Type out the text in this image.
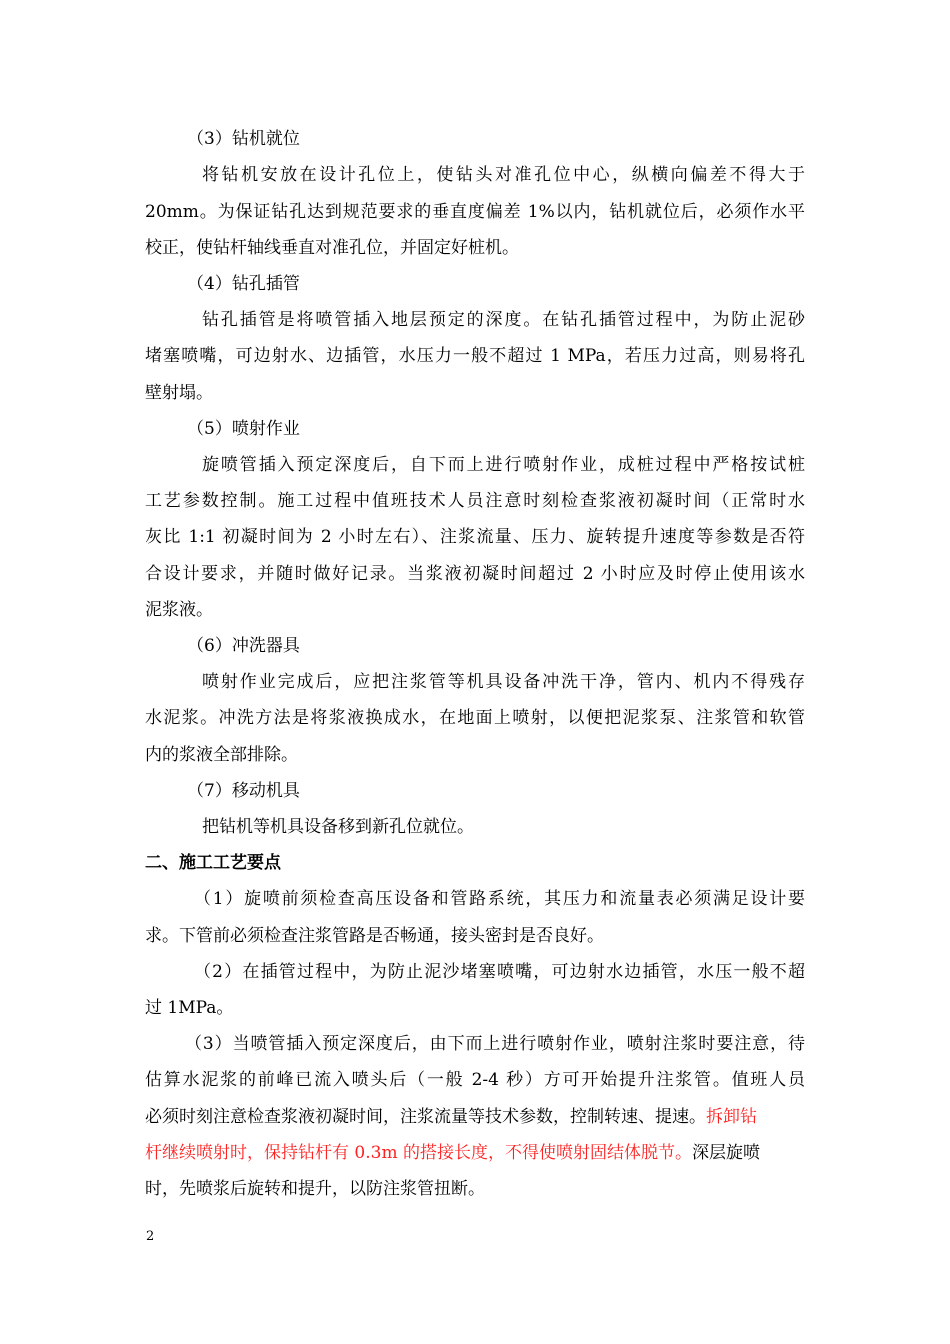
（3）钻机就位
将钻机安放在设计孔位上，使钻头对准孔位中心，纵横向偏差不得大于
20mm。为保证钻孔达到规范要求的垂直度偏差 1%以内，钻机就位后，必须作水平
校正，使钻杆轴线垂直对准孔位，并固定好桩机。
（4）钻孔插管
钻孔插管是将喷管插入地层预定的深度。在钻孔插管过程中，为防止泥砂
堵塞喷嘴，可边射水、边插管，水压力一般不超过 1 MPa，若压力过高，则易将孔
壁射塌。
（5）喷射作业
旋喷管插入预定深度后，自下而上进行喷射作业，成桩过程中严格按试桩
工艺参数控制。施工过程中值班技术人员注意时刻检查浆液初凝时间（正常时水
灰比 1:1 初凝时间为 2 小时左右）、注浆流量、压力、旋转提升速度等参数是否符
合设计要求，并随时做好记录。当浆液初凝时间超过 2 小时应及时停止使用该水
泥浆液。
（6）冲洗器具
喷射作业完成后，应把注浆管等机具设备冲洗干净，管内、机内不得残存
水泥浆。冲洗方法是将浆液换成水，在地面上喷射，以便把泥浆泵、注浆管和软管
内的浆液全部排除。
（7）移动机具
把钻机等机具设备移到新孔位就位。
二、施工工艺要点
（1）旋喷前须检查高压设备和管路系统，其压力和流量表必须满足设计要
求。下管前必须检查注浆管路是否畅通，接头密封是否良好。
（2）在插管过程中，为防止泥沙堵塞喷嘴，可边射水边插管，水压一般不超
过 1MPa。
（3）当喷管插入预定深度后，由下而上进行喷射作业，喷射注浆时要注意，待
估算水泥浆的前峰已流入喷头后（一般 2-4 秒）方可开始提升注浆管。值班人员
必须时刻注意检查浆液初凝时间，注浆流量等技术参数，控制转速、提速。拆卸钻
杆继续喷射时，保持钻杆有 0.3m 的搭接长度，不得使喷射固结体脱节。深层旋喷
时，先喷浆后旋转和提升，以防注浆管扭断。
2
